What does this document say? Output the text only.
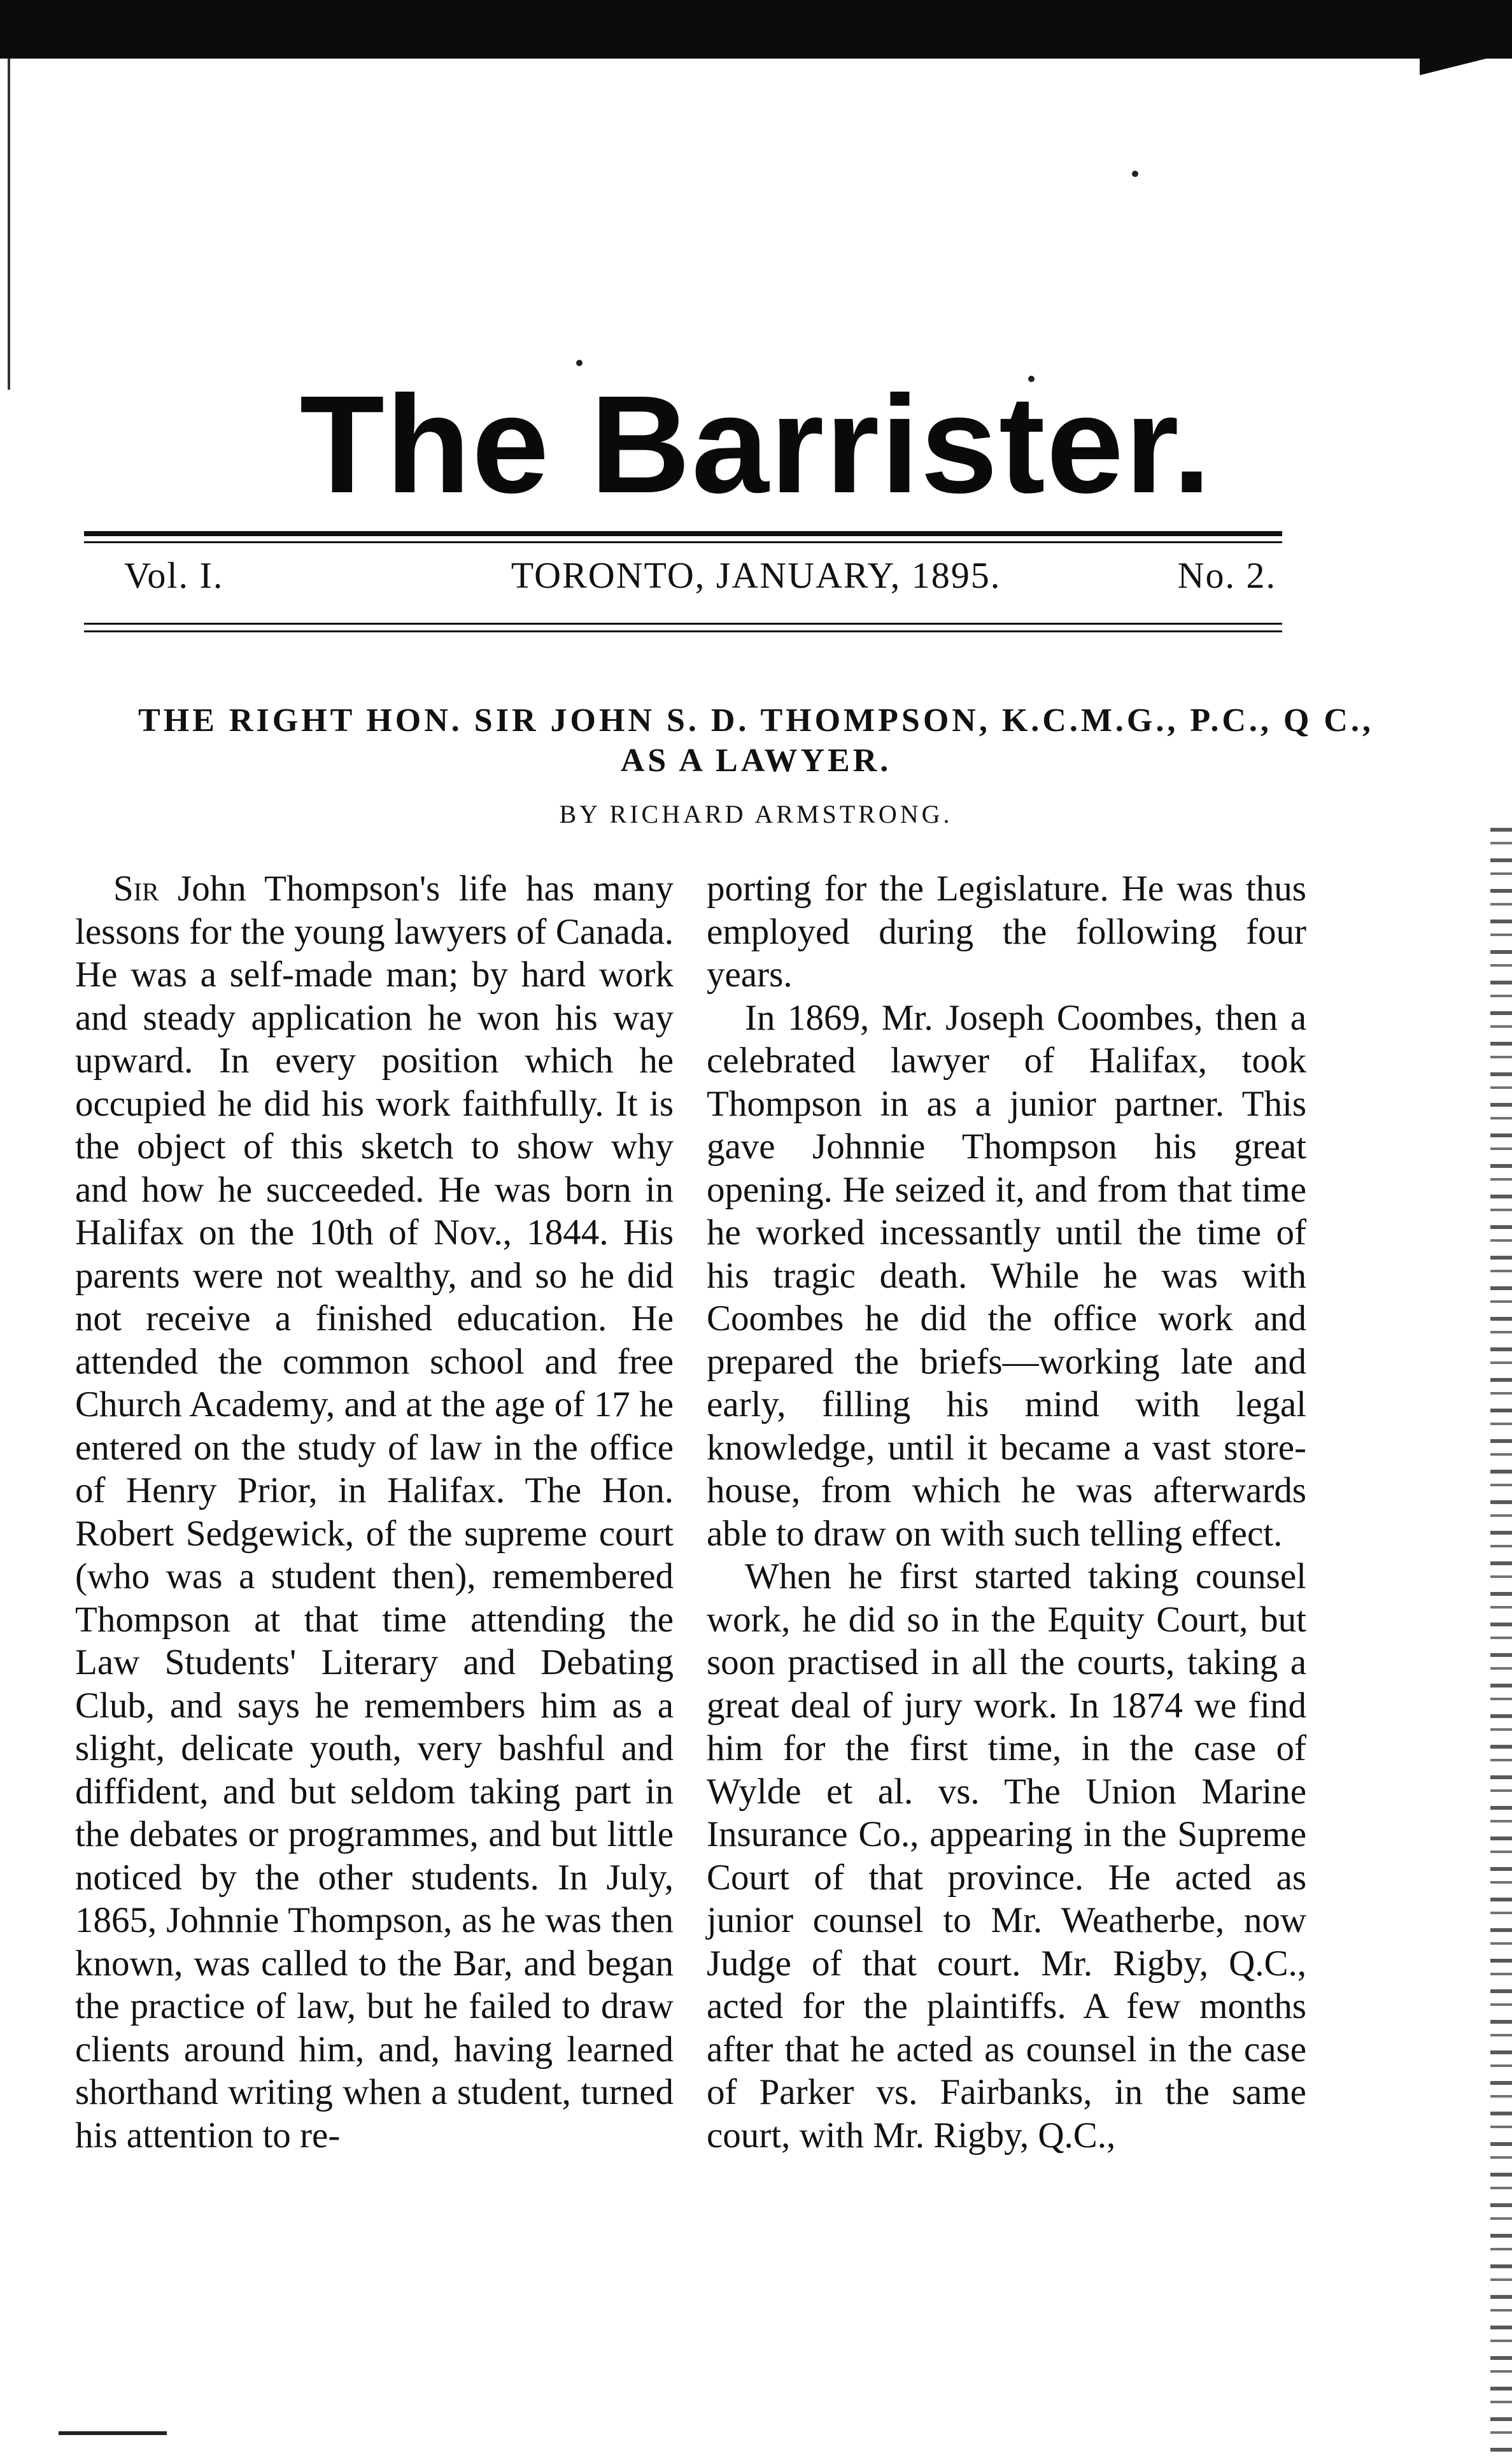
The Barrister.
Vol. I.	TORONTO, JANUARY, 1895.	No. 2.
THE RIGHT HON. SIR JOHN S. D. THOMPSON, K.C.M.G., P.C., Q C.,
AS A LAWYER.
BY RICHARD ARMSTRONG.

Sir John Thompson's life has many lessons for the young lawyers of Canada. He was a self-made man; by hard work and steady application he won his way upward. In every position which he occupied he did his work faithfully. It is the object of this sketch to show why and how he succeeded. He was born in Halifax on the 10th of Nov., 1844. His parents were not wealthy, and so he did not receive a finished education. He attended the common school and free Church Academy, and at the age of 17 he entered on the study of law in the office of Henry Prior, in Halifax. The Hon. Robert Sedgewick, of the supreme court (who was a student then), remembered Thompson at that time attending the Law Students' Literary and Debating Club, and says he remembers him as a slight, delicate youth, very bashful and diffident, and but seldom taking part in the debates or programmes, and but little noticed by the other students. In July, 1865, Johnnie Thompson, as he was then known, was called to the Bar, and began the practice of law, but he failed to draw clients around him, and, having learned shorthand writing when a student, turned his attention to re-

porting for the Legislature. He was thus employed during the following four years.

In 1869, Mr. Joseph Coombes, then a celebrated lawyer of Halifax, took Thompson in as a junior partner. This gave Johnnie Thompson his great opening. He seized it, and from that time he worked incessantly until the time of his tragic death. While he was with Coombes he did the office work and prepared the briefs—working late and early, filling his mind with legal knowledge, until it became a vast store-house, from which he was afterwards able to draw on with such telling effect.

When he first started taking counsel work, he did so in the Equity Court, but soon practised in all the courts, taking a great deal of jury work. In 1874 we find him for the first time, in the case of Wylde et al. vs. The Union Marine Insurance Co., appearing in the Supreme Court of that province. He acted as junior counsel to Mr. Weatherbe, now Judge of that court. Mr. Rigby, Q.C., acted for the plaintiffs. A few months after that he acted as counsel in the case of Parker vs. Fairbanks, in the same court, with Mr. Rigby, Q.C.,
